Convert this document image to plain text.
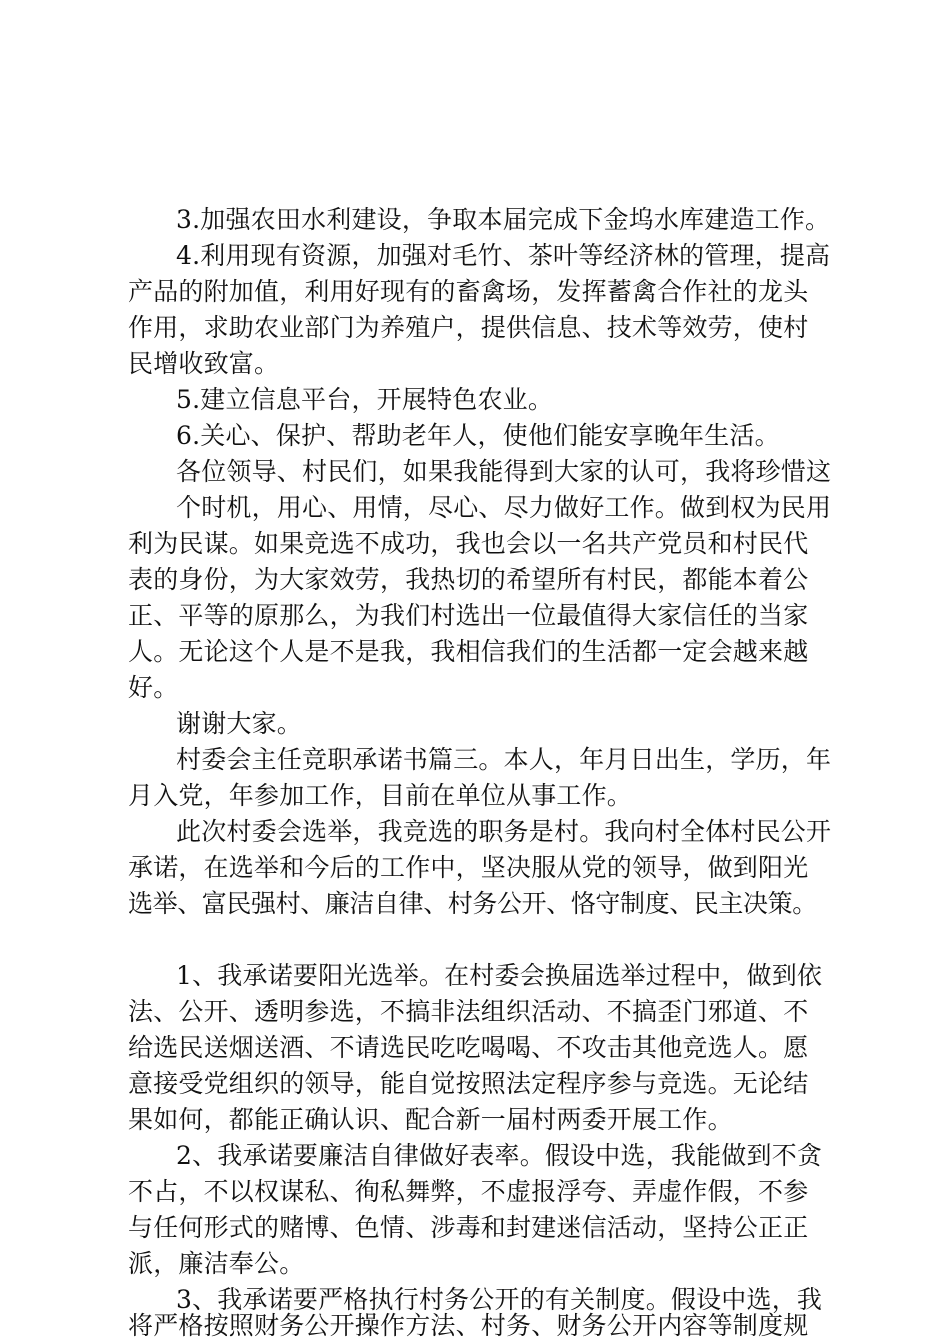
3.加强农田水利建设，争取本届完成下金坞水库建造工作。
4.利用现有资源，加强对毛竹、茶叶等经济林的管理，提高
产品的附加值，利用好现有的畜禽场，发挥蓄禽合作社的龙头
作用，求助农业部门为养殖户，提供信息、技术等效劳，使村
民增收致富。
5.建立信息平台，开展特色农业。
6.关心、保护、帮助老年人，使他们能安享晚年生活。
各位领导、村民们，如果我能得到大家的认可，我将珍惜这
个时机，用心、用情，尽心、尽力做好工作。做到权为民用
利为民谋。如果竞选不成功，我也会以一名共产党员和村民代
表的身份，为大家效劳，我热切的希望所有村民，都能本着公
正、平等的原那么，为我们村选出一位最值得大家信任的当家
人。无论这个人是不是我，我相信我们的生活都一定会越来越
好。
谢谢大家。
村委会主任竞职承诺书篇三。本人，年月日出生，学历，年
月入党，年参加工作，目前在单位从事工作。
此次村委会选举，我竞选的职务是村。我向村全体村民公开
承诺，在选举和今后的工作中，坚决服从党的领导，做到阳光
选举、富民强村、廉洁自律、村务公开、恪守制度、民主决策。
1、我承诺要阳光选举。在村委会换届选举过程中，做到依
法、公开、透明参选，不搞非法组织活动、不搞歪门邪道、不
给选民送烟送酒、不请选民吃吃喝喝、不攻击其他竞选人。愿
意接受党组织的领导，能自觉按照法定程序参与竞选。无论结
果如何，都能正确认识、配合新一届村两委开展工作。
2、我承诺要廉洁自律做好表率。假设中选，我能做到不贪
不占，不以权谋私、徇私舞弊，不虚报浮夸、弄虚作假，不参
与任何形式的赌博、色情、涉毒和封建迷信活动，坚持公正正
派，廉洁奉公。
3、我承诺要严格执行村务公开的有关制度。假设中选，我
将严格按照财务公开操作方法、村务、财务公开内容等制度规
